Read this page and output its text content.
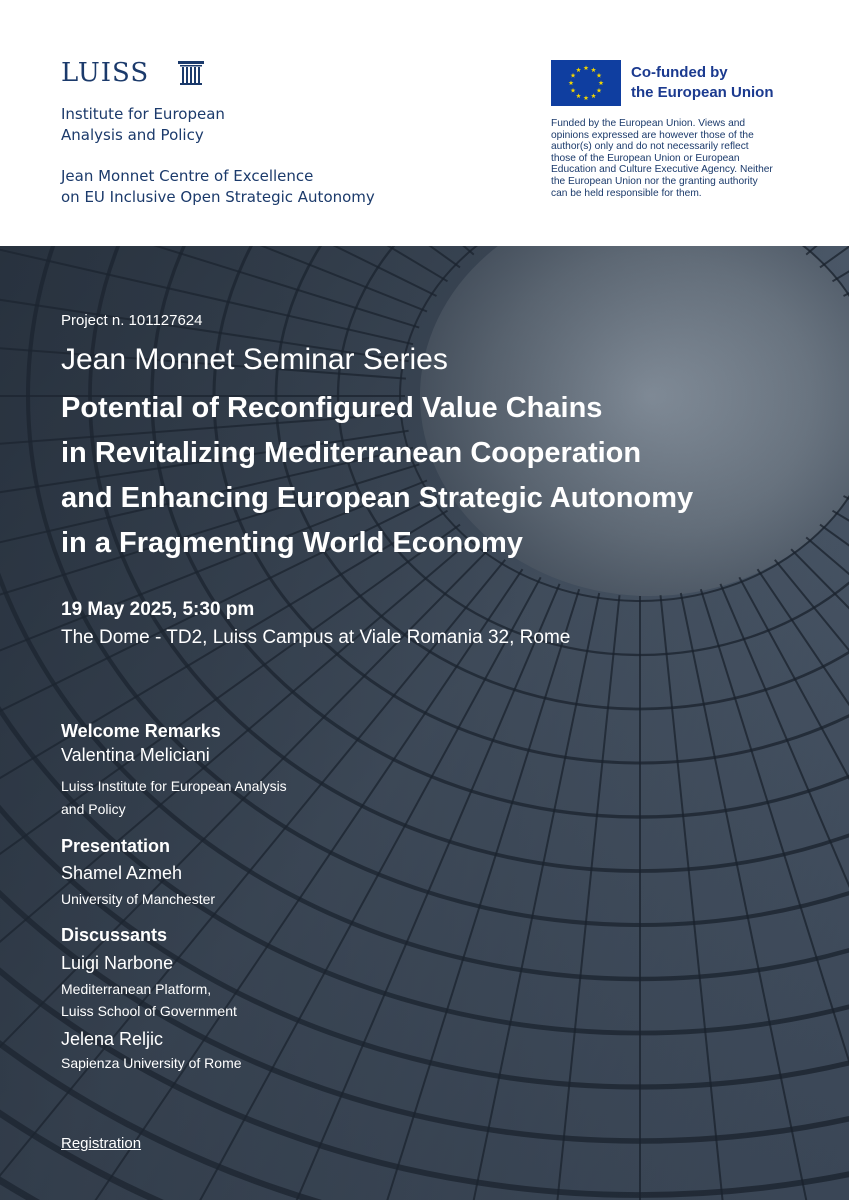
LUISS
Institute for European
Analysis and Policy
Jean Monnet Centre of Excellence
on EU Inclusive Open Strategic Autonomy
Co-funded by
the European Union
Funded by the European Union. Views and
opinions expressed are however those of the
author(s) only and do not necessarily reflect
those of the European Union or European
Education and Culture Executive Agency. Neither
the European Union nor the granting authority
can be held responsible for them.
Project n. 101127624
Jean Monnet Seminar Series
Potential of Reconfigured Value Chains
in Revitalizing Mediterranean Cooperation
and Enhancing European Strategic Autonomy
in a Fragmenting World Economy
19 May 2025, 5:30 pm
The Dome - TD2, Luiss Campus at Viale Romania 32, Rome
Welcome Remarks
Valentina Meliciani
Luiss Institute for European Analysis
and Policy
Presentation
Shamel Azmeh
University of Manchester
Discussants
Luigi Narbone
Mediterranean Platform,
Luiss School of Government
Jelena Reljic
Sapienza University of Rome
Registration
